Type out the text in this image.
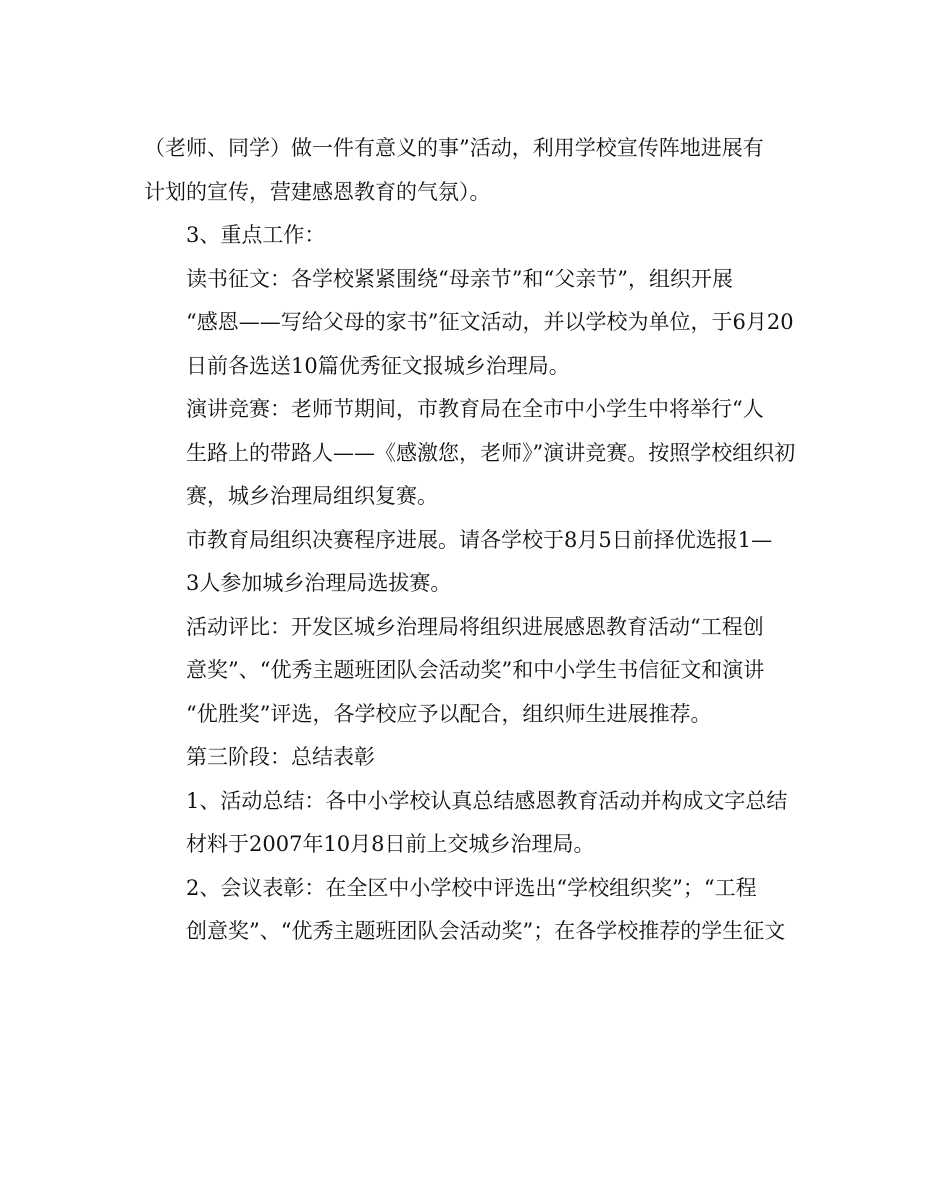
（老师、同学）做一件有意义的事”活动，利用学校宣传阵地进展有
计划的宣传，营建感恩教育的气氛）。
3、重点工作：
读书征文：各学校紧紧围绕“母亲节”和“父亲节”，组织开展
“感恩——写给父母的家书”征文活动，并以学校为单位，于6月20
日前各选送10篇优秀征文报城乡治理局。
演讲竞赛：老师节期间，市教育局在全市中小学生中将举行“人
生路上的带路人——《感激您，老师》”演讲竞赛。按照学校组织初
赛，城乡治理局组织复赛。
市教育局组织决赛程序进展。请各学校于8月5日前择优选报1—
3人参加城乡治理局选拔赛。
活动评比：开发区城乡治理局将组织进展感恩教育活动“工程创
意奖”、“优秀主题班团队会活动奖”和中小学生书信征文和演讲
“优胜奖”评选，各学校应予以配合，组织师生进展推荐。
第三阶段：总结表彰
1、活动总结：各中小学校认真总结感恩教育活动并构成文字总结
材料于2007年10月8日前上交城乡治理局。
2、会议表彰：在全区中小学校中评选出“学校组织奖”；“工程
创意奖”、“优秀主题班团队会活动奖”；在各学校推荐的学生征文
